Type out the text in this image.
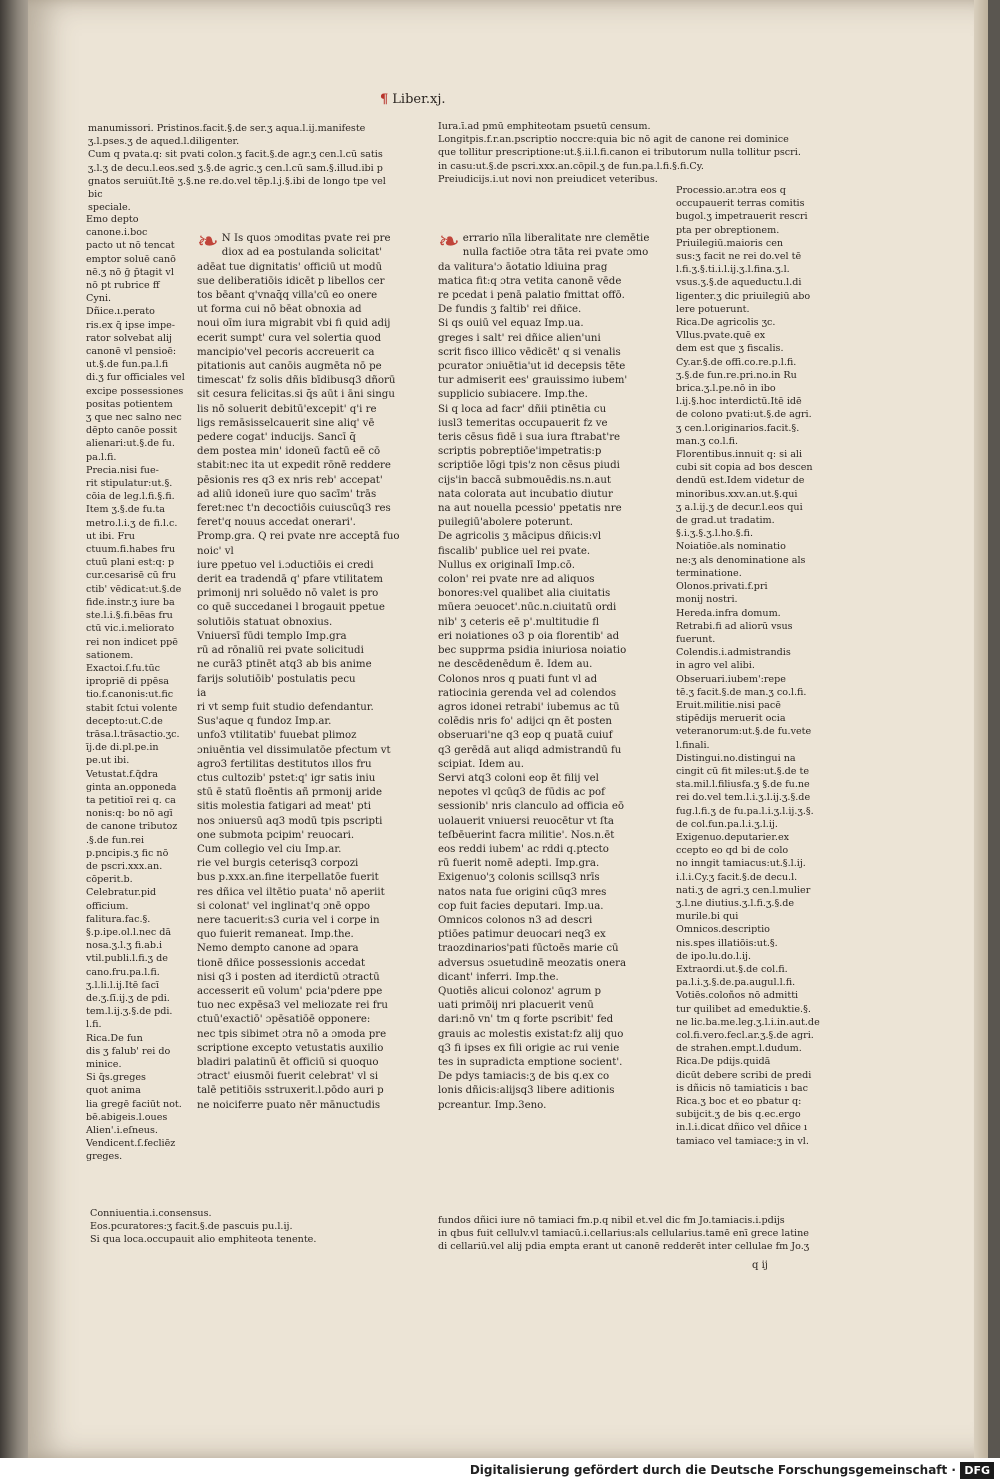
¶ Liber.xj.
manumissori. Pristinos.facit.§.de ser.ʒ aqua.l.ij.manifeste
ʒ.l.pses.ʒ de aqued.l.diligenter.
Cum q pvata.q: sit pvati colon.ʒ facit.§.de agr.ʒ cen.l.cū satis
ʒ.l.ʒ de decu.l.eos.sed ʒ.§.de agric.ʒ cen.l.cū sam.§.illud.ibi p
gnatos seruiūt.Itē ʒ.§.ne re.do.vel tēp.l.j.§.ibi de longo tpe vel bic
speciale.
Iura.ī.ad pmū emphiteotam psuetū censum.
Longitpis.f.r.an.pscriptio noccre:quia bic nō agit de canone rei dominice
que tollitur prescriptione:ut.§.ii.l.fi.canon ei tributorum nulla tollitur pscri.
in casu:ut.§.de pscri.xxx.an.cōpil.ʒ de fun.pa.l.fi.§.fi.Cy.
Preiudicijs.i.ut novi non preiudicet veteribus.
Emo depto
canone.i.boc
pacto ut nō tencat
emptor soluē canō
nē.ʒ nō ḡ p̄tagit vl
nō pt rubrice ff
Cyni.
Dñice.ı.perato
ris.ex q̄ ipse impe-
rator solvebat alij
canonē vl pensioē:
ut.§.de fun.pa.l.fi
di.ʒ fur officiales vel
excipe possessiones
positas potientem
ʒ que nec salno nec
dēpto canōe possit
alienari:ut.§.de fu.
pa.l.fi.
Precia.nisi fue-
rit stipulatur:ut.§.
cōia de leg.l.fi.§.fi.
Item ʒ.§.de fu.ta
metro.l.i.ʒ de fi.l.c.
ut ibi. Fru
ctuum.fi.habes fru
ctuū plani est:q: p
cur.cesarisē cū fru
ctib' vēdicat:ut.§.de
fide.instr.ʒ iure ba
ste.l.i.§.fi.bēas fru
ctū vic.i.meliorato
rei non indicet ppē
sationem.
Exactoi.ſ.fu.tūc
ipropriē di ppēsa
tio.f.canonis:ut.fic
stabit ſctui volente
decepto:ut.C.de
trāsa.l.trāsactio.ʒc.
īj.de di.pl.pe.in
pe.ut ibi.
Vetustat.f.q̄dra
ginta an.opponeda
ta petitioī rei q. ca
nonis:q: bo nō agī
de canone tributoz
.§.de fun.rei
p.pncipis.ʒ fic nō
de pscri.xxx.an.
cōperit.b.
Celebratur.pid
officium.
falitura.fac.§.
§.p.ipe.ol.l.nec dā
nosa.ʒ.l.ʒ fi.ab.i
vtil.publi.l.fi.ʒ de
cano.fru.pa.l.fi.
ʒ.l.li.l.ij.Itē ſacī
de.ʒ.ſī.ij.ʒ de pdi.
tem.l.ij.ʒ.§.de pdi.
l.fi.
Rica.De fun
dis ʒ falub' rei do
minice.
Si q̄s.greges
quot anima
lia gregē faciūt not.
bē.abigeis.l.oues
Alien'.i.eſneus.
Vendicent.ſ.fecliēz
greges.
Conniuentia.i.consensus.
Eos.pcuratores:ʒ facit.§.de pascuis pu.l.ij.
Si qua loca.occupauit alio emphiteota tenente.

❧ N Is quos ɔmoditas pvate rei pre
diox ad ea postulanda solicitat'
adēat tue dignitatis' officiū ut modū
sue deliberatiōis idicēt p libellos cer
tos bēant q'vnaq̄q villa'cū eo onere
ut forma cui nō bēat obnoxia ad
noui oīm iura migrabit vbi fi quid adij
ecerit sumpt' cura vel solertia quod
mancipio'vel pecoris accreuerit ca
pitationis aut canōis augmēta nō pe
timescat' fz solis dñis bīdibusq3 dñorū
sit cesura felicitas.si q̄s aūt i āni singu
lis nō soluerit debitū'excepit' q'i re
ligs remāsisselcauerit sine aliq' vē
pedere cogat' inducijs. Sancī q̄
dem postea min' idoneū factū eē cō
stabit:nec ita ut expedit rōnē reddere
pēsionis res q3 ex nris reb' accepat'
ad aliū idoneū iure quo sacīm' trās
feret:nec t'n decoctiōis cuiuscūq3 res
feret'q nouus accedat onerari'.
Promp.gra. Q rei pvate nre acceptā fuo noic' vl
iure ppetuo vel i.ɔductiōis ei credi
derit ea tradendā q' pfare vtilitatem
primonij nri soluēdo nō valet is pro
co quē succedanei l brogauit ppetue
solutiōis statuat obnoxius.
Vniuersī fūdi templo Imp.gra
rū ad rōnaliū rei pvate solicitudi
ne curā3 ptinēt atq3 ab bis anime
farijs solutiōib' postulatis pecu
ia
ri vt semp fuit studio defendantur.
Sus'aque q fundoz Imp.ar.
unfo3 vtilitatib' fuuebat plimoz
ɔniuēntia vel dissimulatōe pfectum vt
agro3 fertilitas destitutos ıllos fru
ctus cultozib' pstet:q' igr satis iniu
stū ē statū floēntis añ prmonij aride
sitis molestia fatigari ad meat' pti
nos ɔniuersū aq3 modū tpis pscripti
one submota pcipim' reuocari.
Cum collegio vel ciu Imp.ar.
rie vel burgis ceterisq3 corpozi
bus p.xxx.an.fine iterpellatōe fuerit
res dñica vel iltētio puata' nō aperiit
si colonat' vel inglinat'q ɔnē oppo
nere tacuerit:s3 curia vel i corpe in
quo fuierit remaneat. Imp.the.
Nemo dempto canone ad ɔpara
tionē dñice possessionis accedat
nisi q3 i posten ad iterdictū ɔtractū
accesserit eū volum' pcia'pdere ppe
tuo nec expēsa3 vel meliozate rei fru
ctuū'exactiō' ɔpēsatiōē opponere:
nec tpis sibimet ɔtra nō a ɔmoda pre
scriptione excepto vetustatis auxilio
bladiri palatinū ēt officiū si quoquo
ɔtract' eiusmōi fuerit celebrat' vl si
talē petitiōis sstruxerit.l.pōdo auri p
ne noiciferre puato nēr mānuctudis

❧ errario nīla liberalitate nre clemētie
nulla factiōe ɔtra tāta rei pvate ɔmo
da valitura'ɔ āotatio ldiuina prag
matica fit:q ɔtra vetita canonē vēde
re pcedat i penā palatio fmittat offō.
De fundis ʒ faltib' rei dñice.
Si qs ouiū vel equaz Imp.ua.
greges i salt' rei dñice alien'uni
scrit fisco illico vēdicēt' q si venalis
pcurator ɔniuētia'ut id decepsis tēte
tur admiserit ees' grauissimo iubem'
supplicio subiacere. Imp.the.
Si q loca ad facr' dñii ptinētia cu
iusl3 temeritas occupauerit fz ve
teris cēsus fidē i sua iura ftrabat're
scriptis pobreptiōe'impetratis:p
scriptiōe lōgi tpis'z non cēsus piudi
cijs'in baccā submouēdis.ns.n.aut
nata colorata aut incubatio diutur
na aut nouella pcessio' ppetatis nre
puilegiū'abolere poterunt.
De agricolis ʒ mācipus dñicis:vl
fiscalib' publice uel rei pvate.
Nullus ex originalī Imp.cō.
colon' rei pvate nre ad aliquos
bonores:vel qualibet alia ciuitatis
mūera ɔeuocet'.nūc.n.ciuitatū ordi
nib' ʒ ceteris eē p'.multitudie fl
eri noiationes o3 p oia florentib' ad
bec supprma psidia iniuriosa noiatio
ne descēdenēdum ē. Idem au.
Colonos nros q puati funt vl ad
ratiocinia gerenda vel ad colendos
agros idonei retrabi' iubemus ac tū
colēdis nris fo' adijci qn ēt posten
obseruari'ne q3 eop q puatā cuiuf
q3 gerēdā aut aliqd admistrandū fu
scipiat. Idem au.
Servi atq3 coloni eop ēt filij vel
nepotes vl qcūq3 de fūdis ac pof
sessionib' nris clanculo ad officia eō
uolauerit vniuersi reuocētur vt ſta
teſbēuerint facra militie'. Nos.n.ēt
eos reddi iubem' ac rddi q.ptecto
rū fuerit nomē adepti. Imp.gra.
Exigenuo'ʒ colonis scillsq3 nrīs
natos nata fue origini cūq3 mres
cop fuit facies deputari. Imp.ua.
Omnicos colonos n3 ad descri
ptiōes patimur deuocari neq3 ex
traozdinarios'pati fūctoēs marie cū
adversus ɔsuetudinē meozatis onera
dicant' inferri. Imp.the.
Quotiēs alicui colonoz' agrum p
uati primōij nri placuerit venū
dari:nō vn' tm q forte pscribit' fed
grauis ac molestis existat:fz alij quo
q3 fi ipses ex fili origie ac rui venie
tes in supradicta emptione socient'.
De pdys tamiacis:ʒ de bis q.ex co
lonis dñicis:alijsq3 libere aditionis
pcreantur. Imp.3eno.

Processio.ar.ɔtra eos q
occupauerit terras comitis
bugol.ʒ impetrauerit rescri
pta per obreptionem.
Priuilegiū.maioris cen
sus:ʒ facit ne rei do.vel tē
l.fi.ʒ.§.ti.i.l.ij.ʒ.l.fina.ʒ.l.
vsus.ʒ.§.de aqueductu.l.di
ligenter.ʒ dic priuilegiū abo
lere potuerunt.
Rica.De agricolis ʒc.
Vllus.pvate.quē ex
dem est que ʒ fiscalis.
Cy.ar.§.de offi.co.re.p.l.fi.
ʒ.§.de fun.re.pri.no.in Ru
brica.ʒ.l.pe.nō in ibo
l.ij.§.hoc interdictū.Itē idē
de colono pvati:ut.§.de agri.
ʒ cen.l.originarios.facit.§.
man.ʒ co.l.fi.
Florentibus.innuit q: si ali
cubi sit copia ad bos descen
dendū est.Idem videtur de
minoribus.xxv.an.ut.§.qui
ʒ a.l.ij.ʒ de decur.l.eos qui
de grad.ut tradatim.
§.i.ʒ.§.ʒ.l.ho.§.fi.
Noiatiōe.als nominatio
ne:ʒ als denominatione als
terminatione.
Olonos.privati.f.pri
monij nostri.
Hereda.infra domum.
Retrabi.fi ad aliorū vsus
fuerunt.
Colendis.i.admistrandis
in agro vel alibi.
Obseruari.iubem':repe
tē.ʒ facit.§.de man.ʒ co.l.fi.
Eruit.militie.nisi pacē
stipēdijs meruerit ocia
veteranorum:ut.§.de fu.vete
l.finali.
Distingui.no.distingui na
cingit cū fit miles:ut.§.de te
sta.mil.l.filiusfa.ʒ §.de fu.ne
rei do.vel tem.l.i.ʒ.l.ij.ʒ.§.de
fug.l.fi.ʒ de fu.pa.l.i.ʒ.l.ij.ʒ.§.
de col.fun.pa.l.i.ʒ.l.ij.
Exigenuo.deputarier.ex
ccepto eo qd bi de colo
no inngit tamiacus:ut.§.l.ij.
i.l.i.Cy.ʒ facit.§.de decu.l.
nati.ʒ de agri.ʒ cen.l.mulier
ʒ.l.ne diutius.ʒ.l.fi.ʒ.§.de
murile.bi qui
Omnicos.descriptio
nis.spes illatiōis:ut.§.
de ipo.lu.do.l.ij.
Extraordi.ut.§.de col.fi.
pa.l.i.ʒ.§.de.pa.augul.l.fi.
Votiēs.coloños nō admitti
tur quilibet ad emeduktie.§.
ne lic.ba.me.leg.ʒ.l.i.in.aut.de
col.fi.vero.fecl.ar.ʒ.§.de agri.
de strahen.empt.l.dudum.
Rica.De pdijs.quidā
dicūt debere scribi de predi
is dñicis nō tamiaticis ı bac
Rica.ʒ boc et eo pbatur q:
subijcit.ʒ de bis q.ec.ergo
in.l.i.dicat dñico vel dñice ı
tamiaco vel tamiace:ʒ in vl.
fundos dñici iure nō tamiaci fm.p.q nibil et.vel dic fm Jo.tamiacis.i.pdijs
in qbus fuit cellulv.vl tamiacū.i.cellarius:als cellularius.tamē enī grece latine
di cellariū.vel alij pdia empta erant ut canonē redderēt inter cellulae fm Jo.ʒ
q ij
Digitalisierung gefördert durch die Deutsche Forschungsgemeinschaft · DFG
